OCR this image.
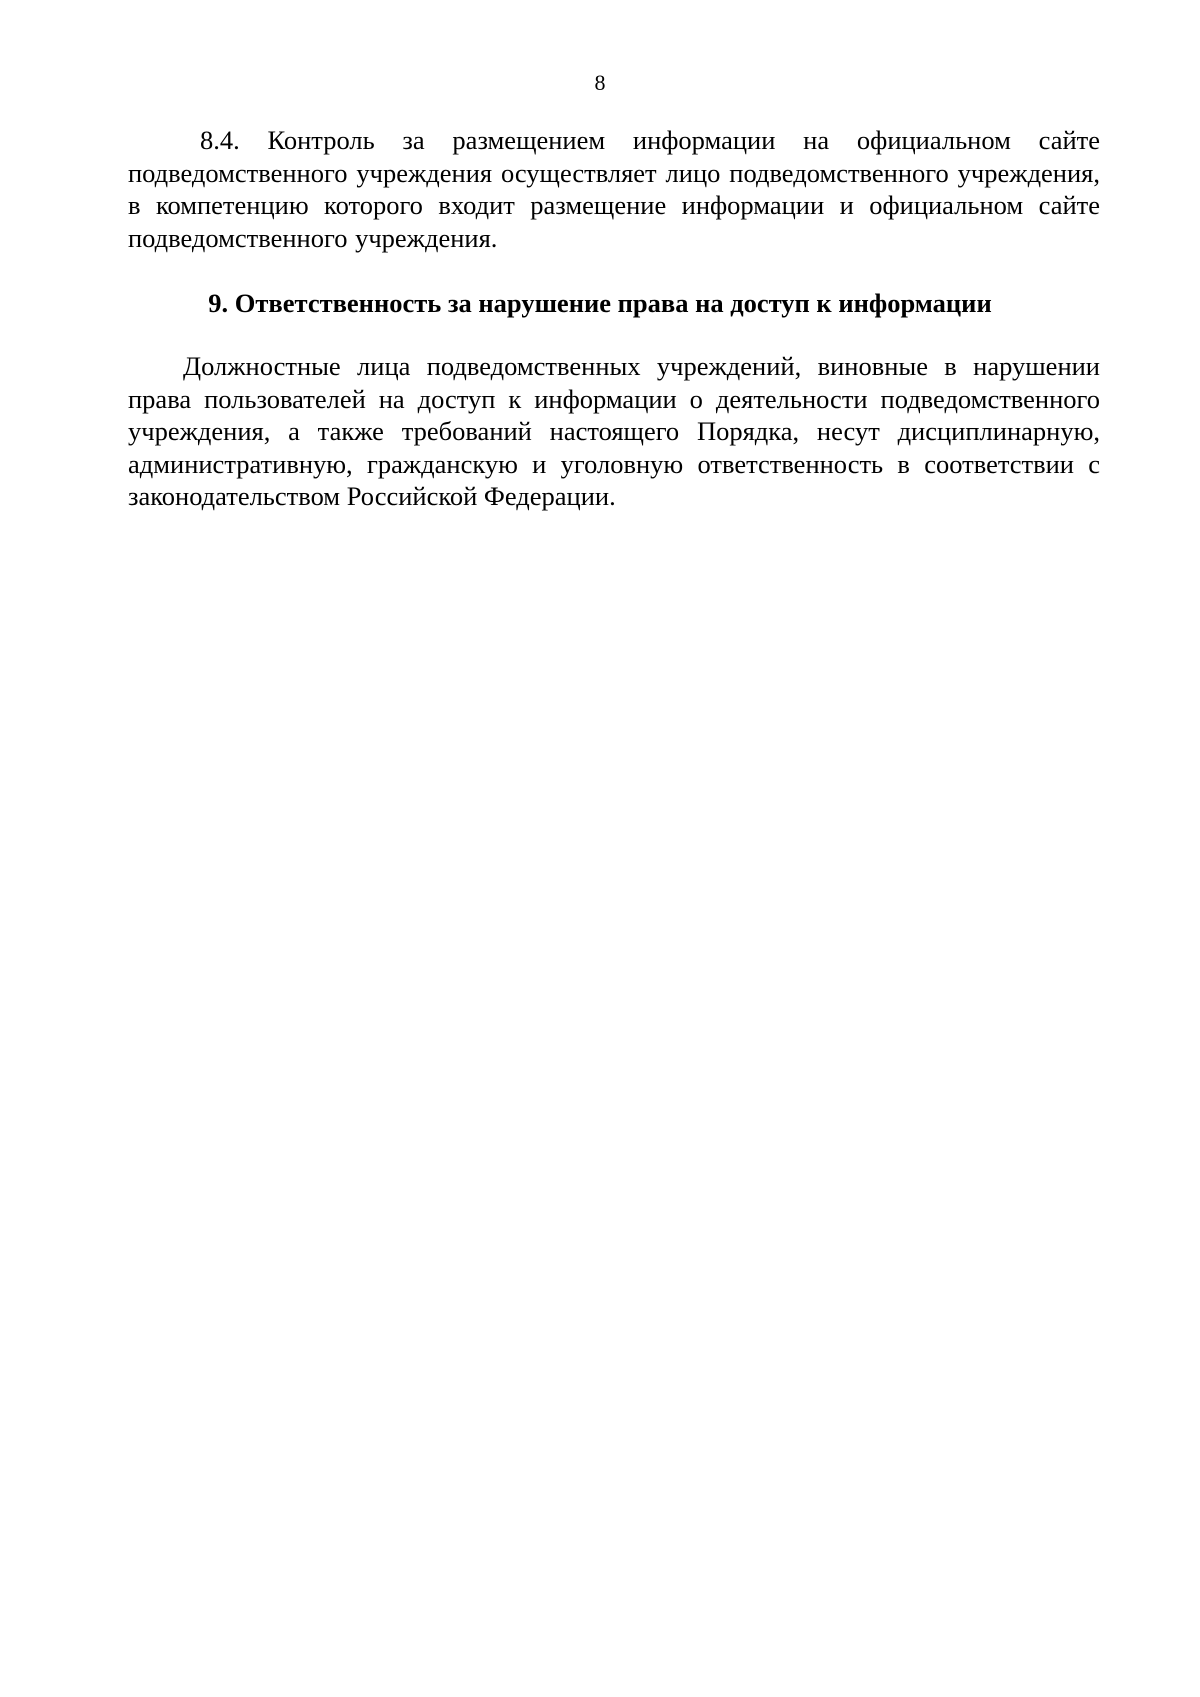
8

8.4. Контроль за размещением информации на официальном сайте подведомственного учреждения осуществляет лицо подведомственного учреждения, в компетенцию которого входит размещение информации и официальном сайте подведомственного учреждения.

9. Ответственность за нарушение права на доступ к информации

Должностные лица подведомственных учреждений, виновные в нарушении права пользователей на доступ к информации о деятельности подведомственного учреждения, а также требований настоящего Порядка, несут дисциплинарную, административную, гражданскую и уголовную ответственность в соответствии с законодательством Российской Федерации.
